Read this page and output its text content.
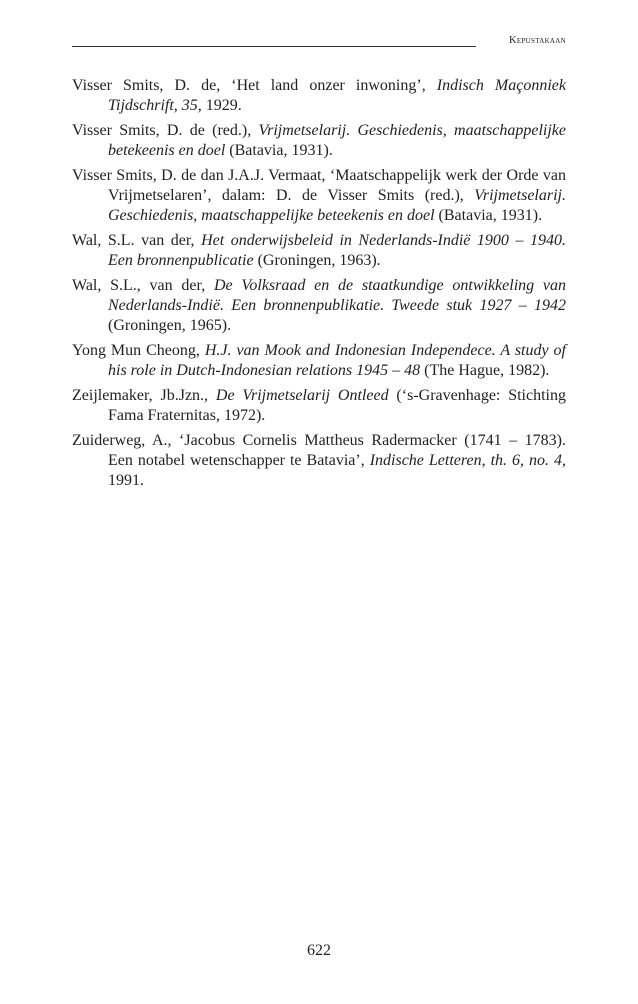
Kepustakaan

Visser Smits, D. de, ‘Het land onzer inwoning’, Indisch Maçonniek Tijdschrift, 35, 1929.

Visser Smits, D. de (red.), Vrijmetselarij. Geschiedenis, maatschappelijke betekeenis en doel (Batavia, 1931).

Visser Smits, D. de dan J.A.J. Vermaat, ‘Maatschappelijk werk der Orde van Vrijmetselaren’, dalam: D. de Visser Smits (red.), Vrijmetselarij. Geschiedenis, maatschappelijke beteekenis en doel (Batavia, 1931).

Wal, S.L. van der, Het onderwijsbeleid in Nederlands-Indië 1900 – 1940. Een bronnenpublicatie (Groningen, 1963).

Wal, S.L., van der, De Volksraad en de staatkundige ontwikkeling van Nederlands-Indië. Een bronnenpublikatie. Tweede stuk 1927 – 1942 (Groningen, 1965).

Yong Mun Cheong, H.J. van Mook and Indonesian Independece. A study of his role in Dutch-Indonesian relations 1945 – 48 (The Hague, 1982).

Zeijlemaker, Jb.Jzn., De Vrijmetselarij Ontleed (‘s-Gravenhage: Stichting Fama Fraternitas, 1972).

Zuiderweg, A., ‘Jacobus Cornelis Mattheus Radermacker (1741 – 1783). Een notabel wetenschapper te Batavia’, Indische Letteren, th. 6, no. 4, 1991.

622
